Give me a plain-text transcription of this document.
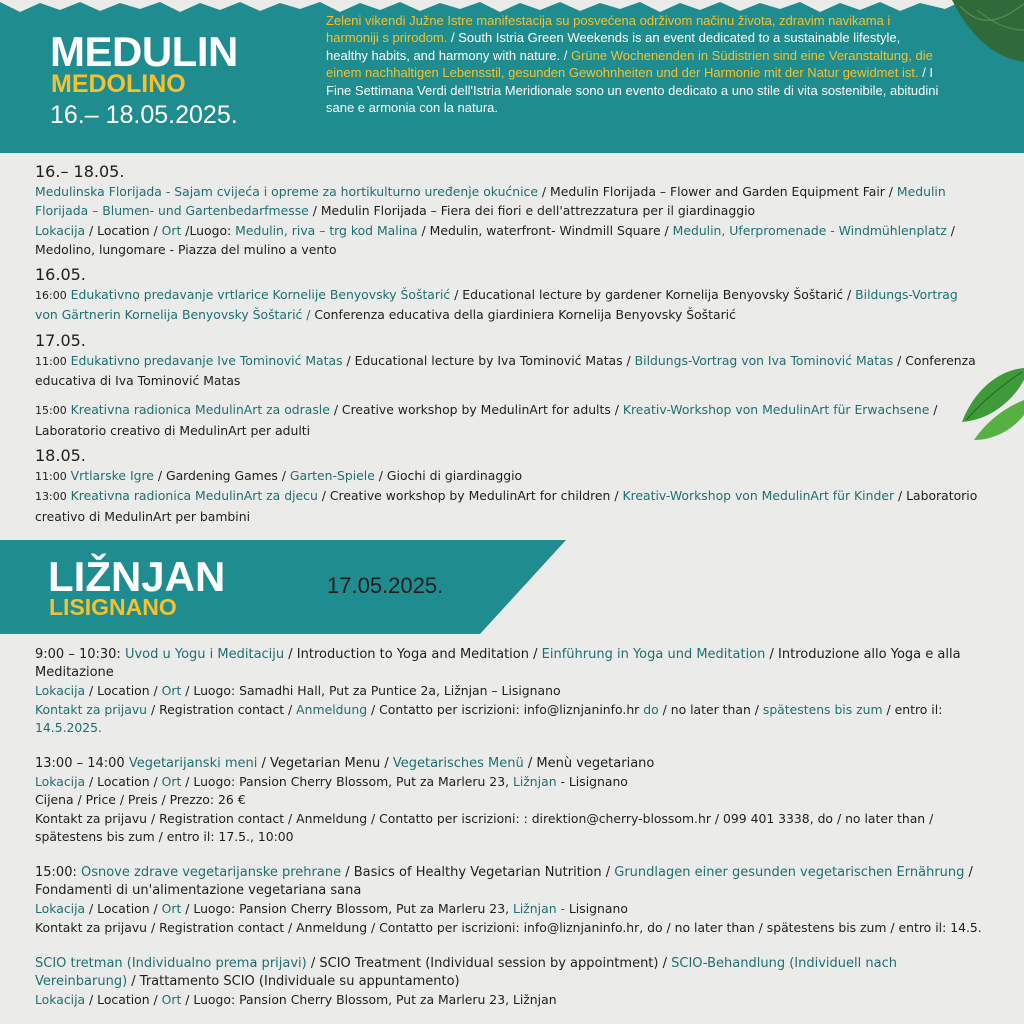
MEDULIN
MEDOLINO
16.– 18.05.2025.
Zeleni vikendi Južne Istre manifestacija su posvećena održivom načinu života, zdravim navikama i harmoniji s prirodom. / South Istria Green Weekends is an event dedicated to a sustainable lifestyle, healthy habits, and harmony with nature. / Grüne Wochenenden in Südistrien sind eine Veranstaltung, die einem nachhaltigen Lebensstil, gesunden Gewohnheiten und der Harmonie mit der Natur gewidmet ist. / I Fine Settimana Verdi dell'Istria Meridionale sono un evento dedicato a uno stile di vita sostenibile, abitudini sane e armonia con la natura.
16.– 18.05.
Medulinska Florijada - Sajam cvijeća i opreme za hortikulturno uređenje okućnice / Medulin Florijada – Flower and Garden Equipment Fair / Medulin Florijada – Blumen- und Gartenbedarfmesse / Medulin Florijada – Fiera dei fiori e dell'attrezzatura per il giardinaggio
Lokacija / Location / Ort /Luogo: Medulin, riva – trg kod Malina / Medulin, waterfront- Windmill Square / Medulin, Uferpromenade - Windmühlenplatz / Medolino, lungomare - Piazza del mulino a vento
16.05.
16:00 Edukativno predavanje vrtlarice Kornelije Benyovsky Šoštarić / Educational lecture by gardener Kornelija Benyovsky Šoštarić / Bildungs-Vortrag von Gärtnerin Kornelija Benyovsky Šoštarić / Conferenza educativa della giardiniera Kornelija Benyovsky Šoštarić
17.05.
11:00 Edukativno predavanje Ive Tominović Matas / Educational lecture by Iva Tominović Matas / Bildungs-Vortrag von Iva Tominović Matas / Conferenza educativa di Iva Tominović Matas
15:00 Kreativna radionica MedulinArt za odrasle / Creative workshop by MedulinArt for adults / Kreativ-Workshop von MedulinArt für Erwachsene / Laboratorio creativo di MedulinArt per adulti
18.05.
11:00 Vrtlarske Igre / Gardening Games / Garten-Spiele / Giochi di giardinaggio
13:00 Kreativna radionica MedulinArt za djecu / Creative workshop by MedulinArt for children / Kreativ-Workshop von MedulinArt für Kinder / Laboratorio creativo di MedulinArt per bambini
LIŽNJAN
LISIGNANO
17.05.2025.
9:00 – 10:30: Uvod u Yogu i Meditaciju / Introduction to Yoga and Meditation / Einführung in Yoga und Meditation / Introduzione allo Yoga e alla Meditazione
Lokacija / Location / Ort / Luogo: Samadhi Hall, Put za Puntice 2a, Ližnjan – Lisignano
Kontakt za prijavu / Registration contact / Anmeldung / Contatto per iscrizioni: info@liznjaninfo.hr do / no later than / spätestens bis zum / entro il: 14.5.2025.
13:00 – 14:00 Vegetarijanski meni / Vegetarian Menu / Vegetarisches Menü / Menù vegetariano
Lokacija / Location / Ort / Luogo: Pansion Cherry Blossom, Put za Marleru 23, Ližnjan - Lisignano
Cijena / Price / Preis / Prezzo: 26 €
Kontakt za prijavu / Registration contact / Anmeldung / Contatto per iscrizioni: : direktion@cherry-blossom.hr / 099 401 3338, do / no later than / spätestens bis zum / entro il: 17.5., 10:00
15:00: Osnove zdrave vegetarijanske prehrane / Basics of Healthy Vegetarian Nutrition / Grundlagen einer gesunden vegetarischen Ernährung / Fondamenti di un'alimentazione vegetariana sana
Lokacija / Location / Ort / Luogo: Pansion Cherry Blossom, Put za Marleru 23, Ližnjan - Lisignano
Kontakt za prijavu / Registration contact / Anmeldung / Contatto per iscrizioni: info@liznjaninfo.hr, do / no later than / spätestens bis zum / entro il: 14.5.
SCIO tretman (Individualno prema prijavi) / SCIO Treatment (Individual session by appointment) / SCIO-Behandlung (Individuell nach Vereinbarung) / Trattamento SCIO (Individuale su appuntamento)
Lokacija / Location / Ort / Luogo: Pansion Cherry Blossom, Put za Marleru 23, Ližnjan
